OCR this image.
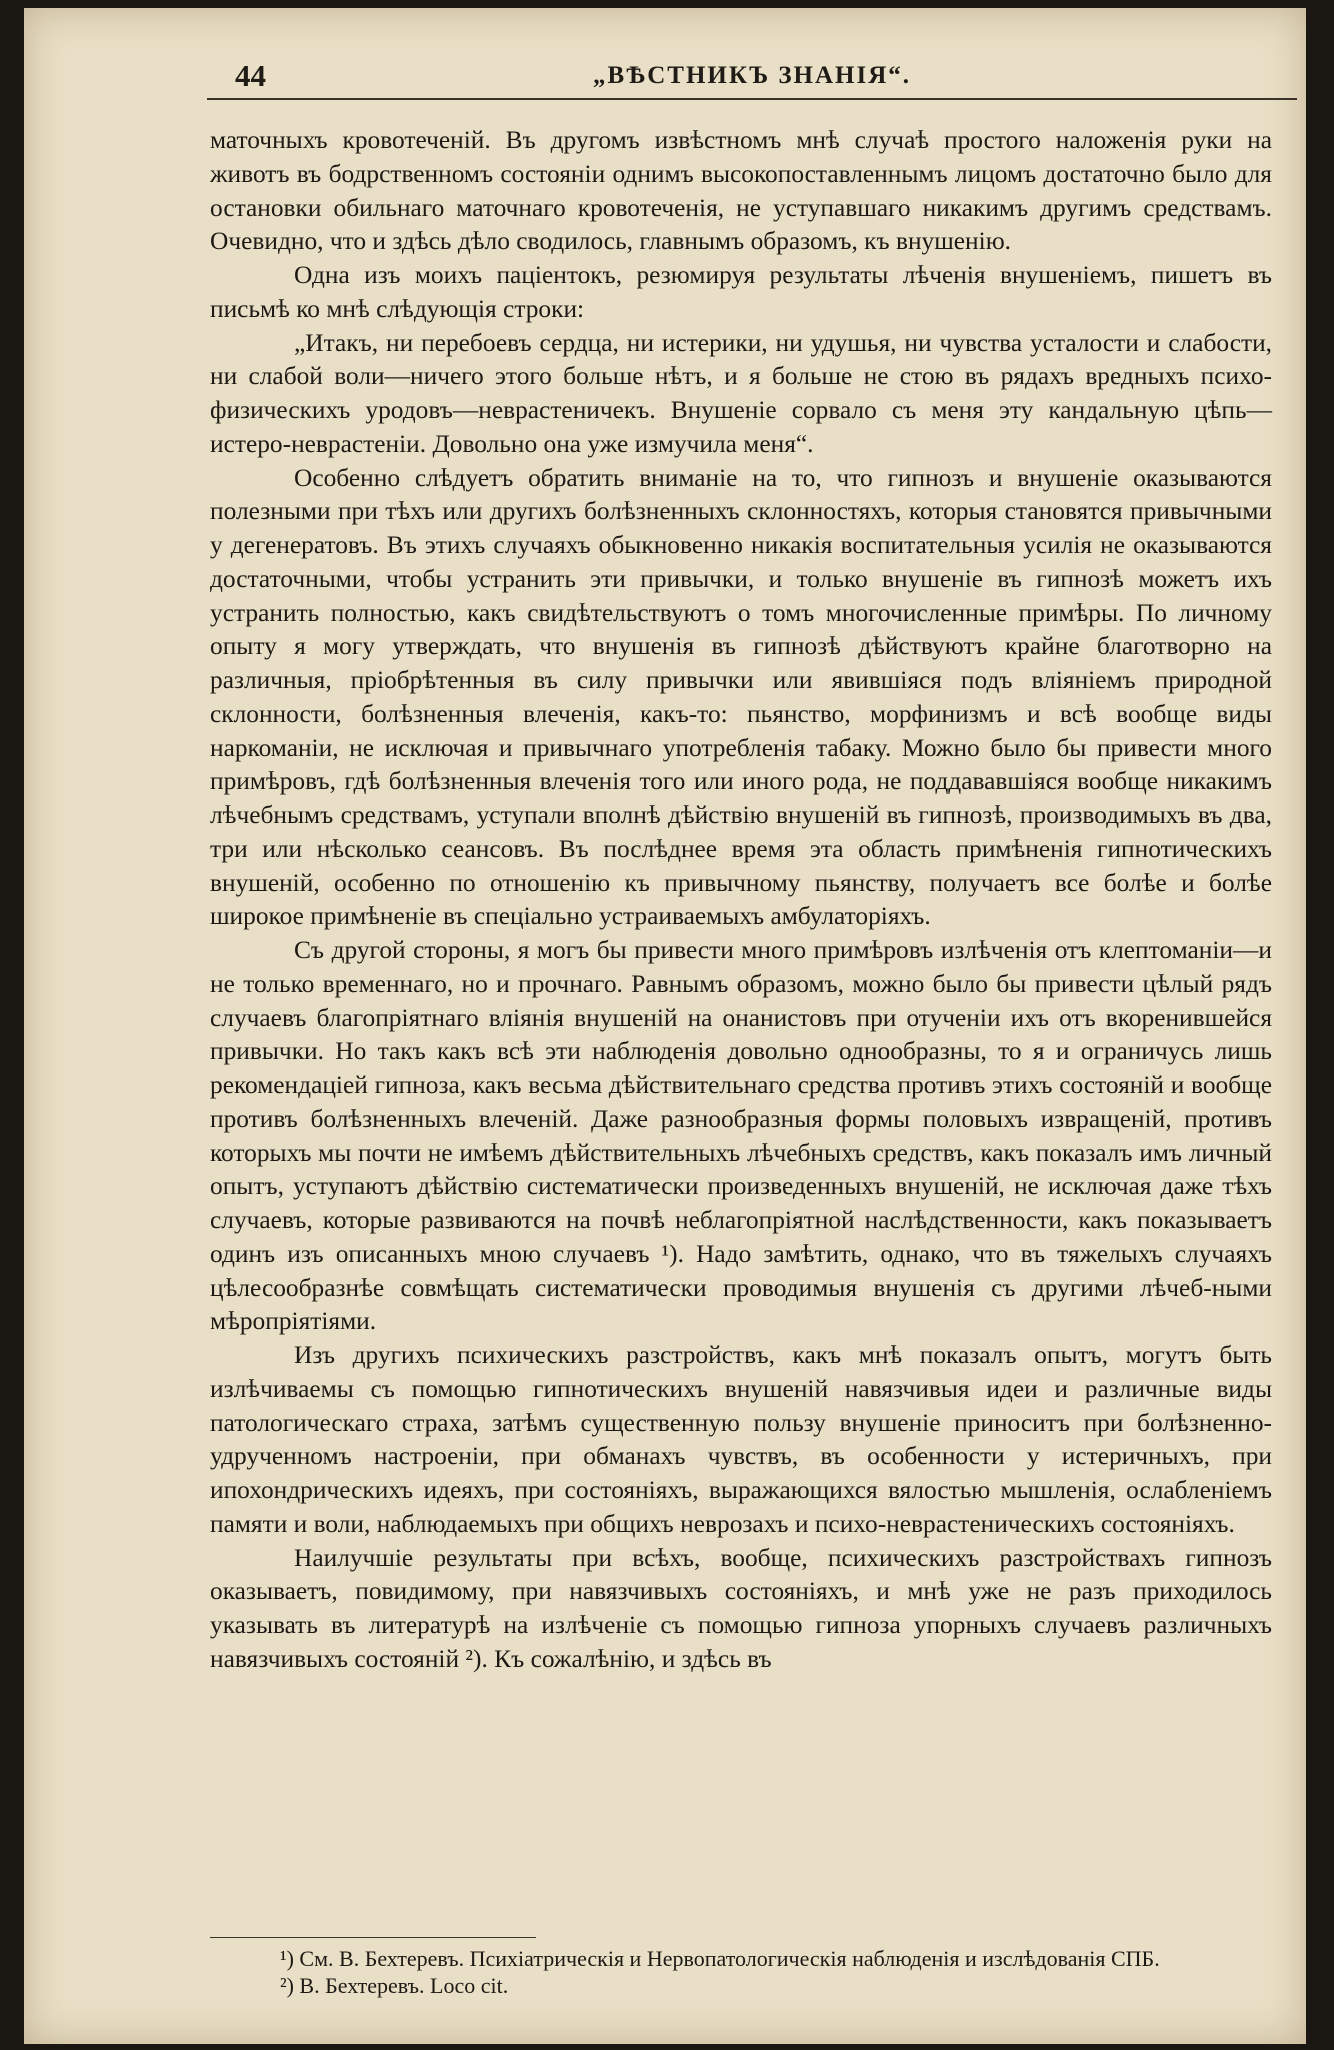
44	„ВѢСТНИКЪ ЗНАНІЯ“.

маточныхъ кровотеченій. Въ другомъ извѣстномъ мнѣ случаѣ простого наложенія руки на животъ въ бодрственномъ состояніи однимъ высокопоставленнымъ лицомъ достаточно было для остановки обильнаго маточнаго кровотеченія, не уступавшаго никакимъ другимъ средствамъ. Очевидно, что и здѣсь дѣло сводилось, главнымъ образомъ, къ внушенію.

Одна изъ моихъ паціентокъ, резюмируя результаты лѣченія внушеніемъ, пишетъ въ письмѣ ко мнѣ слѣдующія строки:

„Итакъ, ни перебоевъ сердца, ни истерики, ни удушья, ни чувства усталости и слабости, ни слабой воли—ничего этого больше нѣтъ, и я больше не стою въ рядахъ вредныхъ психо-физическихъ уродовъ—неврастеничекъ. Внушеніе сорвало съ меня эту кандальную цѣпь—истеро-неврастеніи. Довольно она уже измучила меня“.

Особенно слѣдуетъ обратить вниманіе на то, что гипнозъ и внушеніе оказываются полезными при тѣхъ или другихъ болѣзненныхъ склонностяхъ, которыя становятся привычными у дегенератовъ. Въ этихъ случаяхъ обыкновенно никакія воспитательныя усилія не оказываются достаточными, чтобы устранить эти привычки, и только внушеніе въ гипнозѣ можетъ ихъ устранить полностью, какъ свидѣтельствуютъ о томъ многочисленные примѣры. По личному опыту я могу утверждать, что внушенія въ гипнозѣ дѣйствуютъ крайне благотворно на различныя, пріобрѣтенныя въ силу привычки или явившіяся подъ вліяніемъ природной склонности, болѣзненныя влеченія, какъ-то: пьянство, морфинизмъ и всѣ вообще виды наркоманіи, не исключая и привычнаго употребленія табаку. Можно было бы привести много примѣровъ, гдѣ болѣзненныя влеченія того или иного рода, не поддававшіяся вообще никакимъ лѣчебнымъ средствамъ, уступали вполнѣ дѣйствію внушеній въ гипнозѣ, производимыхъ въ два, три или нѣсколько сеансовъ. Въ послѣднее время эта область примѣненія гипнотическихъ внушеній, особенно по отношенію къ привычному пьянству, получаетъ все болѣе и болѣе широкое примѣненіе въ спеціально устраиваемыхъ амбулаторіяхъ.

Съ другой стороны, я могъ бы привести много примѣровъ излѣченія отъ клептоманіи—и не только временнаго, но и прочнаго. Равнымъ образомъ, можно было бы привести цѣлый рядъ случаевъ благопріятнаго вліянія внушеній на онанистовъ при отученіи ихъ отъ вкоренившейся привычки. Но такъ какъ всѣ эти наблюденія довольно однообразны, то я и ограничусь лишь рекомендаціей гипноза, какъ весьма дѣйствительнаго средства противъ этихъ состояній и вообще противъ болѣзненныхъ влеченій. Даже разнообразныя формы половыхъ извращеній, противъ которыхъ мы почти не имѣемъ дѣйствительныхъ лѣчебныхъ средствъ, какъ показалъ имъ личный опытъ, уступаютъ дѣйствію систематически произведенныхъ внушеній, не исключая даже тѣхъ случаевъ, которые развиваются на почвѣ неблагопріятной наслѣдственности, какъ показываетъ одинъ изъ описанныхъ мною случаевъ ¹). Надо замѣтить, однако, что въ тяжелыхъ случаяхъ цѣлесообразнѣе совмѣщать систематически проводимыя внушенія съ другими лѣчеб-ными мѣропріятіями.

Изъ другихъ психическихъ разстройствъ, какъ мнѣ показалъ опытъ, могутъ быть излѣчиваемы съ помощью гипнотическихъ внушеній навязчивыя идеи и различные виды патологическаго страха, затѣмъ существенную пользу внушеніе приноситъ при болѣзненно-удрученномъ настроеніи, при обманахъ чувствъ, въ особенности у истеричныхъ, при ипохондрическихъ идеяхъ, при состояніяхъ, выражающихся вялостью мышленія, ослабленіемъ памяти и воли, наблюдаемыхъ при общихъ неврозахъ и психо-неврастеническихъ состояніяхъ.

Наилучшіе результаты при всѣхъ, вообще, психическихъ разстройствахъ гипнозъ оказываетъ, повидимому, при навязчивыхъ состояніяхъ, и мнѣ уже не разъ приходилось указывать въ литературѣ на излѣченіе съ помощью гипноза упорныхъ случаевъ различныхъ навязчивыхъ состояній ²). Къ сожалѣнію, и здѣсь въ

¹) См. В. Бехтеревъ. Психіатрическія и Нервопатологическія наблюденія и изслѣдованія СПБ.

²) В. Бехтеревъ. Loco cit.
